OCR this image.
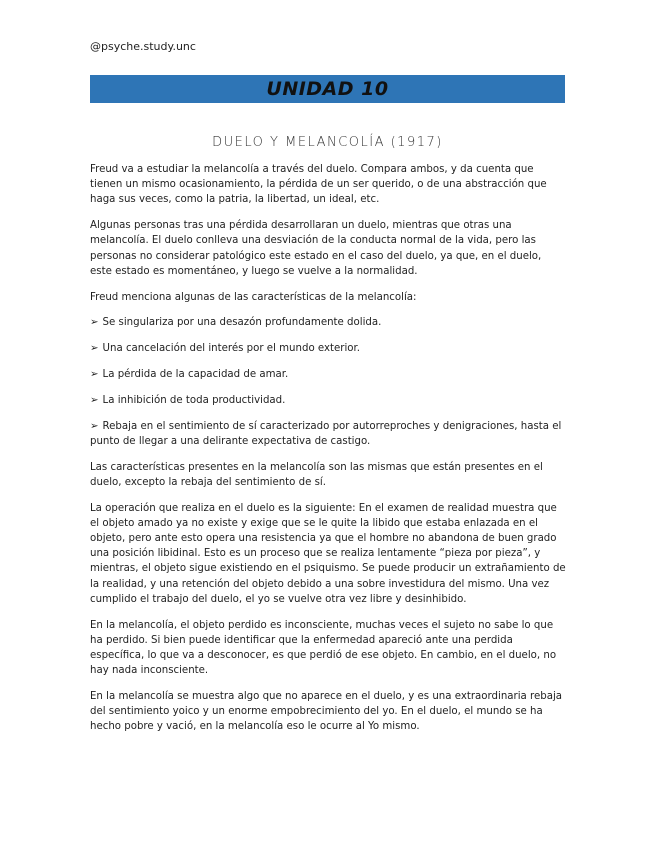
@psyche.study.unc
UNIDAD 10
DUELO Y MELANCOLÍA (1917)

Freud va a estudiar la melancolía a través del duelo. Compara ambos, y da cuenta que tienen un mismo ocasionamiento, la pérdida de un ser querido, o de una abstracción que haga sus veces, como la patria, la libertad, un ideal, etc.

Algunas personas tras una pérdida desarrollaran un duelo, mientras que otras una melancolía. El duelo conlleva una desviación de la conducta normal de la vida, pero las personas no considerar patológico este estado en el caso del duelo, ya que, en el duelo, este estado es momentáneo, y luego se vuelve a la normalidad.

Freud menciona algunas de las características de la melancolía:

➢ Se singulariza por una desazón profundamente dolida.
➢ Una cancelación del interés por el mundo exterior.
➢ La pérdida de la capacidad de amar.
➢ La inhibición de toda productividad.
➢ Rebaja en el sentimiento de sí caracterizado por autorreproches y denigraciones, hasta el punto de llegar a una delirante expectativa de castigo.

Las características presentes en la melancolía son las mismas que están presentes en el duelo, excepto la rebaja del sentimiento de sí.

La operación que realiza en el duelo es la siguiente: En el examen de realidad muestra que el objeto amado ya no existe y exige que se le quite la libido que estaba enlazada en el objeto, pero ante esto opera una resistencia ya que el hombre no abandona de buen grado una posición libidinal. Esto es un proceso que se realiza lentamente “pieza por pieza”, y mientras, el objeto sigue existiendo en el psiquismo. Se puede producir un extrañamiento de la realidad, y una retención del objeto debido a una sobre investidura del mismo. Una vez cumplido el trabajo del duelo, el yo se vuelve otra vez libre y desinhibido.

En la melancolía, el objeto perdido es inconsciente, muchas veces el sujeto no sabe lo que ha perdido. Si bien puede identificar que la enfermedad apareció ante una perdida específica, lo que va a desconocer, es que perdió de ese objeto. En cambio, en el duelo, no hay nada inconsciente.

En la melancolía se muestra algo que no aparece en el duelo, y es una extraordinaria rebaja del sentimiento yoico y un enorme empobrecimiento del yo. En el duelo, el mundo se ha hecho pobre y vació, en la melancolía eso le ocurre al Yo mismo.
